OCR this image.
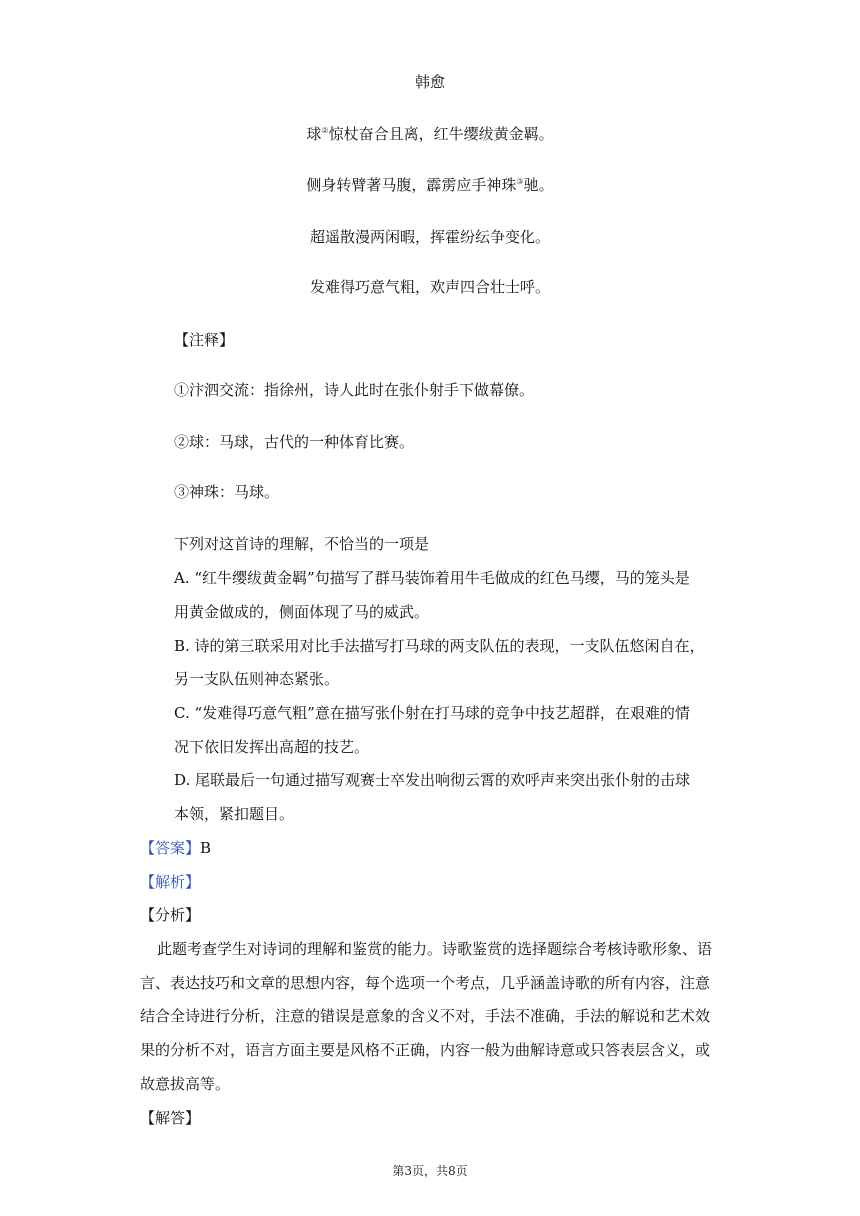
韩愈
球②惊杖奋合且离，红牛缨绂黄金羁。
侧身转臂著马腹，霹雳应手神珠③驰。
超遥散漫两闲暇，挥霍纷纭争变化。
发难得巧意气粗，欢声四合壮士呼。
【注释】
①汴泗交流：指徐州，诗人此时在张仆射手下做幕僚。
②球：马球，古代的一种体育比赛。
③神珠：马球。
下列对这首诗的理解，不恰当的一项是
A. “红牛缨绂黄金羁”句描写了群马装饰着用牛毛做成的红色马缨，马的笼头是
用黄金做成的，侧面体现了马的威武。
B. 诗的第三联采用对比手法描写打马球的两支队伍的表现，一支队伍悠闲自在，
另一支队伍则神态紧张。
C. “发难得巧意气粗”意在描写张仆射在打马球的竞争中技艺超群，在艰难的情
况下依旧发挥出高超的技艺。
D. 尾联最后一句通过描写观赛士卒发出响彻云霄的欢呼声来突出张仆射的击球
本领，紧扣题目。
【答案】B
【解析】
【分析】
此题考查学生对诗词的理解和鉴赏的能力。诗歌鉴赏的选择题综合考核诗歌形象、语
言、表达技巧和文章的思想内容，每个选项一个考点，几乎涵盖诗歌的所有内容，注意
结合全诗进行分析，注意的错误是意象的含义不对，手法不准确，手法的解说和艺术效
果的分析不对，语言方面主要是风格不正确，内容一般为曲解诗意或只答表层含义，或
故意拔高等。
【解答】
第3页，共8页
